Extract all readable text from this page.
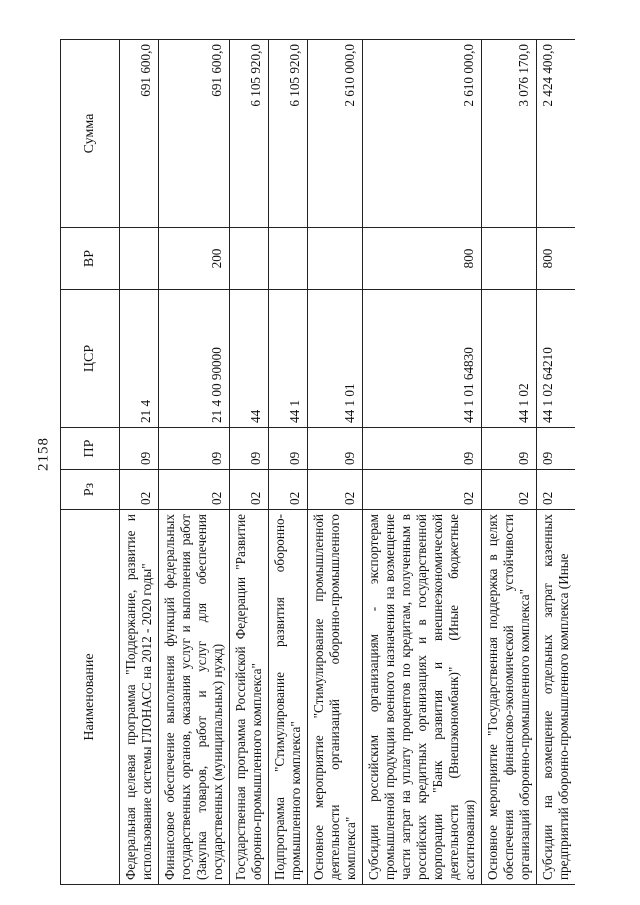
2158
Наименование	Рз	ПР	ЦСР	ВР	Сумма
Федеральная целевая программа "Поддержание, развитие и использование системы ГЛОНАСС на 2012 - 2020 годы"	02	09	21 4		691 600,0
Финансовое обеспечение выполнения функций федеральных государственных органов, оказания услуг и выполнения работ (Закупка товаров, работ и услуг для обеспечения государственных (муниципальных) нужд)	02	09	21 4 00 90000	200	691 600,0
Государственная программа Российской Федерации "Развитие оборонно-промышленного комплекса"	02	09	44		6 105 920,0
Подпрограмма "Стимулирование развития оборонно-промышленного комплекса"	02	09	44 1		6 105 920,0
Основное мероприятие "Стимулирование промышленной деятельности организаций оборонно-промышленного комплекса"	02	09	44 1 01		2 610 000,0
Субсидии российским организациям - экспортерам промышленной продукции военного назначения на возмещение части затрат на уплату процентов по кредитам, полученным в российских кредитных организациях и в государственной корпорации "Банк развития и внешнеэкономической деятельности (Внешэкономбанк)" (Иные бюджетные ассигнования)	02	09	44 1 01 64830	800	2 610 000,0
Основное мероприятие "Государственная поддержка в целях обеспечения финансово-экономической устойчивости организаций оборонно-промышленного комплекса"	02	09	44 1 02		3 076 170,0
Субсидии на возмещение отдельных затрат казенных предприятий оборонно-промышленного комплекса (Иные	02	09	44 1 02 64210	800	2 424 400,0
